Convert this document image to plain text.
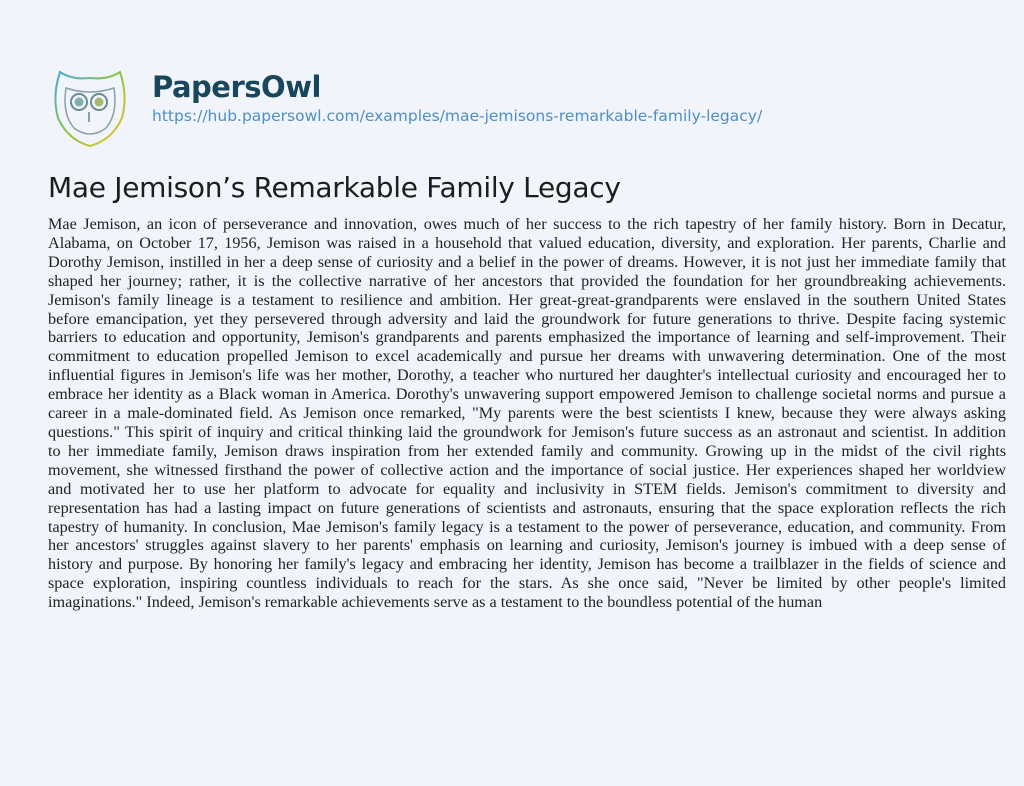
PapersOwl
https://hub.papersowl.com/examples/mae-jemisons-remarkable-family-legacy/
Mae Jemison’s Remarkable Family Legacy
Mae Jemison, an icon of perseverance and innovation, owes much of her success to the rich tapestry of her family history. Born in Decatur,
Alabama, on October 17, 1956, Jemison was raised in a household that valued education, diversity, and exploration. Her parents, Charlie and
Dorothy Jemison, instilled in her a deep sense of curiosity and a belief in the power of dreams. However, it is not just her immediate family that
shaped her journey; rather, it is the collective narrative of her ancestors that provided the foundation for her groundbreaking achievements.
Jemison's family lineage is a testament to resilience and ambition. Her great-great-grandparents were enslaved in the southern United States
before emancipation, yet they persevered through adversity and laid the groundwork for future generations to thrive. Despite facing systemic
barriers to education and opportunity, Jemison's grandparents and parents emphasized the importance of learning and self-improvement. Their
commitment to education propelled Jemison to excel academically and pursue her dreams with unwavering determination. One of the most
influential figures in Jemison's life was her mother, Dorothy, a teacher who nurtured her daughter's intellectual curiosity and encouraged her to
embrace her identity as a Black woman in America. Dorothy's unwavering support empowered Jemison to challenge societal norms and pursue a
career in a male-dominated field. As Jemison once remarked, "My parents were the best scientists I knew, because they were always asking
questions." This spirit of inquiry and critical thinking laid the groundwork for Jemison's future success as an astronaut and scientist. In addition
to her immediate family, Jemison draws inspiration from her extended family and community. Growing up in the midst of the civil rights
movement, she witnessed firsthand the power of collective action and the importance of social justice. Her experiences shaped her worldview
and motivated her to use her platform to advocate for equality and inclusivity in STEM fields. Jemison's commitment to diversity and
representation has had a lasting impact on future generations of scientists and astronauts, ensuring that the space exploration reflects the rich
tapestry of humanity. In conclusion, Mae Jemison's family legacy is a testament to the power of perseverance, education, and community. From
her ancestors' struggles against slavery to her parents' emphasis on learning and curiosity, Jemison's journey is imbued with a deep sense of
history and purpose. By honoring her family's legacy and embracing her identity, Jemison has become a trailblazer in the fields of science and
space exploration, inspiring countless individuals to reach for the stars. As she once said, "Never be limited by other people's limited
imaginations." Indeed, Jemison's remarkable achievements serve as a testament to the boundless potential of the human
